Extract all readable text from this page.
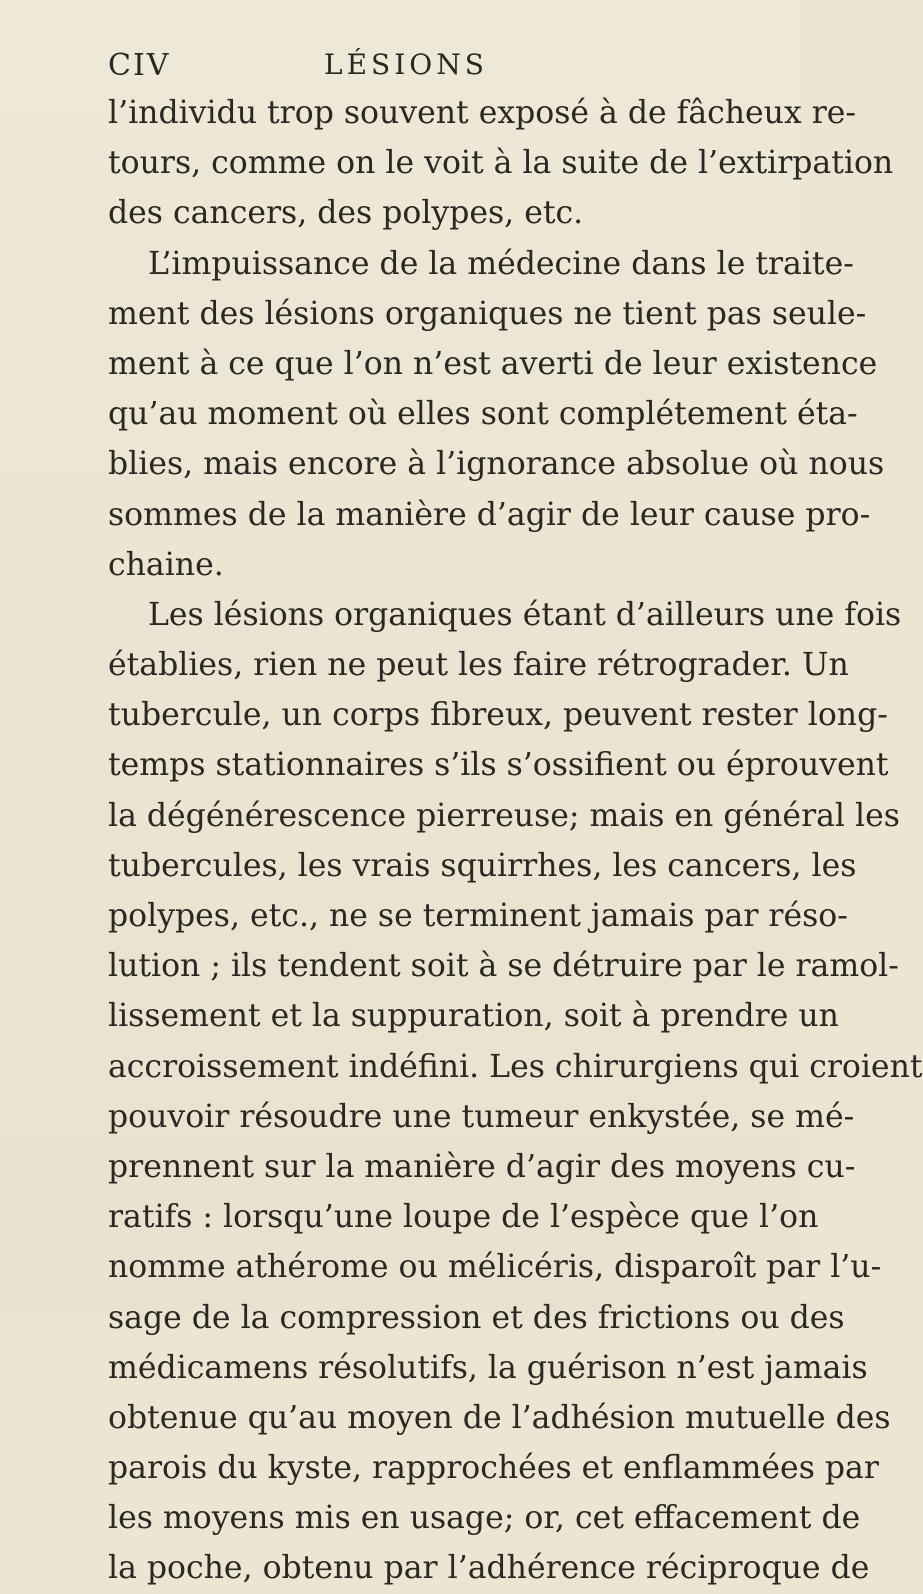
CIV	LÉSIONS
l’individu trop souvent exposé à de fâcheux re-
tours, comme on le voit à la suite de l’extirpation
des cancers, des polypes, etc.
L’impuissance de la médecine dans le traite-
ment des lésions organiques ne tient pas seule-
ment à ce que l’on n’est averti de leur existence
qu’au moment où elles sont complétement éta-
blies, mais encore à l’ignorance absolue où nous
sommes de la manière d’agir de leur cause pro-
chaine.
Les lésions organiques étant d’ailleurs une fois
établies, rien ne peut les faire rétrograder. Un
tubercule, un corps fibreux, peuvent rester long-
temps stationnaires s’ils s’ossifient ou éprouvent
la dégénérescence pierreuse; mais en général les
tubercules, les vrais squirrhes, les cancers, les
polypes, etc., ne se terminent jamais par réso-
lution ; ils tendent soit à se détruire par le ramol-
lissement et la suppuration, soit à prendre un
accroissement indéfini. Les chirurgiens qui croient
pouvoir résoudre une tumeur enkystée, se mé-
prennent sur la manière d’agir des moyens cu-
ratifs : lorsqu’une loupe de l’espèce que l’on
nomme athérome ou mélicéris, disparoît par l’u-
sage de la compression et des frictions ou des
médicamens résolutifs, la guérison n’est jamais
obtenue qu’au moyen de l’adhésion mutuelle des
parois du kyste, rapprochées et enflammées par
les moyens mis en usage; or, cet effacement de
la poche, obtenu par l’adhérence réciproque de
